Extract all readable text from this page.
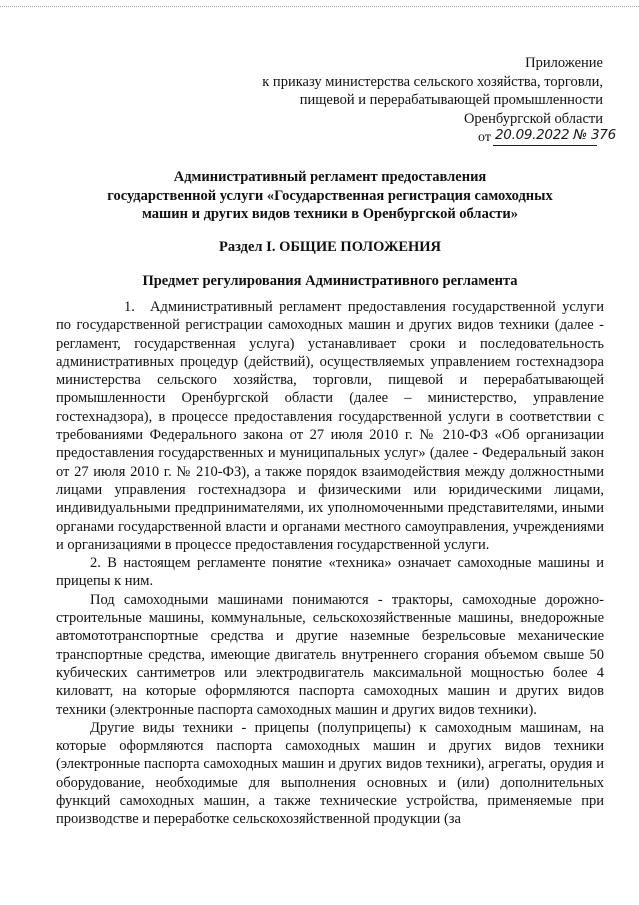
Приложение
к приказу министерства сельского хозяйства, торговли,
пищевой и перерабатывающей промышленности
Оренбургской области
от 20.09.2022 № 376
Административный регламент предоставления
государственной услуги «Государственная регистрация самоходных
машин и других видов техники в Оренбургской области»
Раздел I. ОБЩИЕ ПОЛОЖЕНИЯ
Предмет регулирования Административного регламента

1. Административный регламент предоставления государственной услуги по государственной регистрации самоходных машин и других видов техники (далее - регламент, государственная услуга) устанавливает сроки и последовательность административных процедур (действий), осуществляемых управлением гостехнадзора министерства сельского хозяйства, торговли, пищевой и перерабатывающей промышленности Оренбургской области (далее – министерство, управление гостехнадзора), в процессе предоставления государственной услуги в соответствии с требованиями Федерального закона от 27 июля 2010 г. № 210-ФЗ «Об организации предоставления государственных и муниципальных услуг» (далее - Федеральный закон от 27 июля 2010 г. № 210-ФЗ), а также порядок взаимодействия между должностными лицами управления гостехнадзора и физическими или юридическими лицами, индивидуальными предпринимателями, их уполномоченными представителями, иными органами государственной власти и органами местного самоуправления, учреждениями и организациями в процессе предоставления государственной услуги.

2. В настоящем регламенте понятие «техника» означает самоходные машины и прицепы к ним.

Под самоходными машинами понимаются - тракторы, самоходные дорожно-строительные машины, коммунальные, сельскохозяйственные машины, внедорожные автомототранспортные средства и другие наземные безрельсовые механические транспортные средства, имеющие двигатель внутреннего сгорания объемом свыше 50 кубических сантиметров или электродвигатель максимальной мощностью более 4 киловатт, на которые оформляются паспорта самоходных машин и других видов техники (электронные паспорта самоходных машин и других видов техники).

Другие виды техники - прицепы (полуприцепы) к самоходным машинам, на которые оформляются паспорта самоходных машин и других видов техники (электронные паспорта самоходных машин и других видов техники), агрегаты, орудия и оборудование, необходимые для выполнения основных и (или) дополнительных функций самоходных машин, а также технические устройства, применяемые при производстве и переработке сельскохозяйственной продукции (за
